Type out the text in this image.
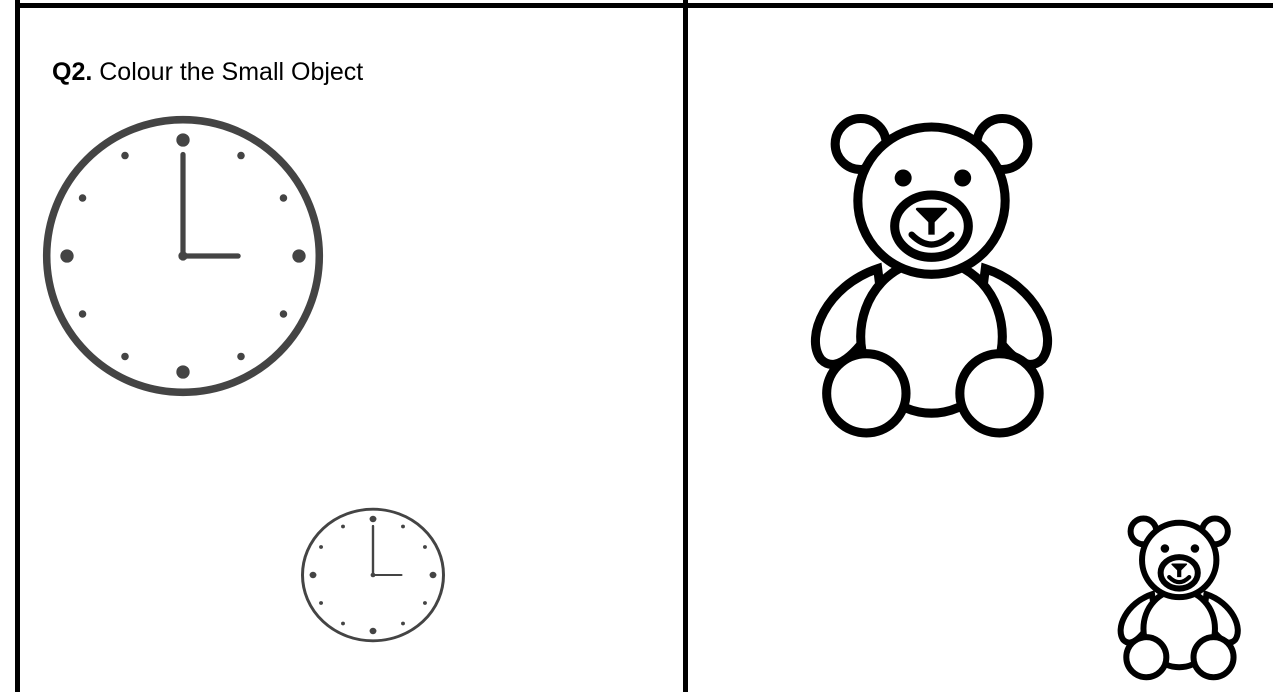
Q2. Colour the Small Object
